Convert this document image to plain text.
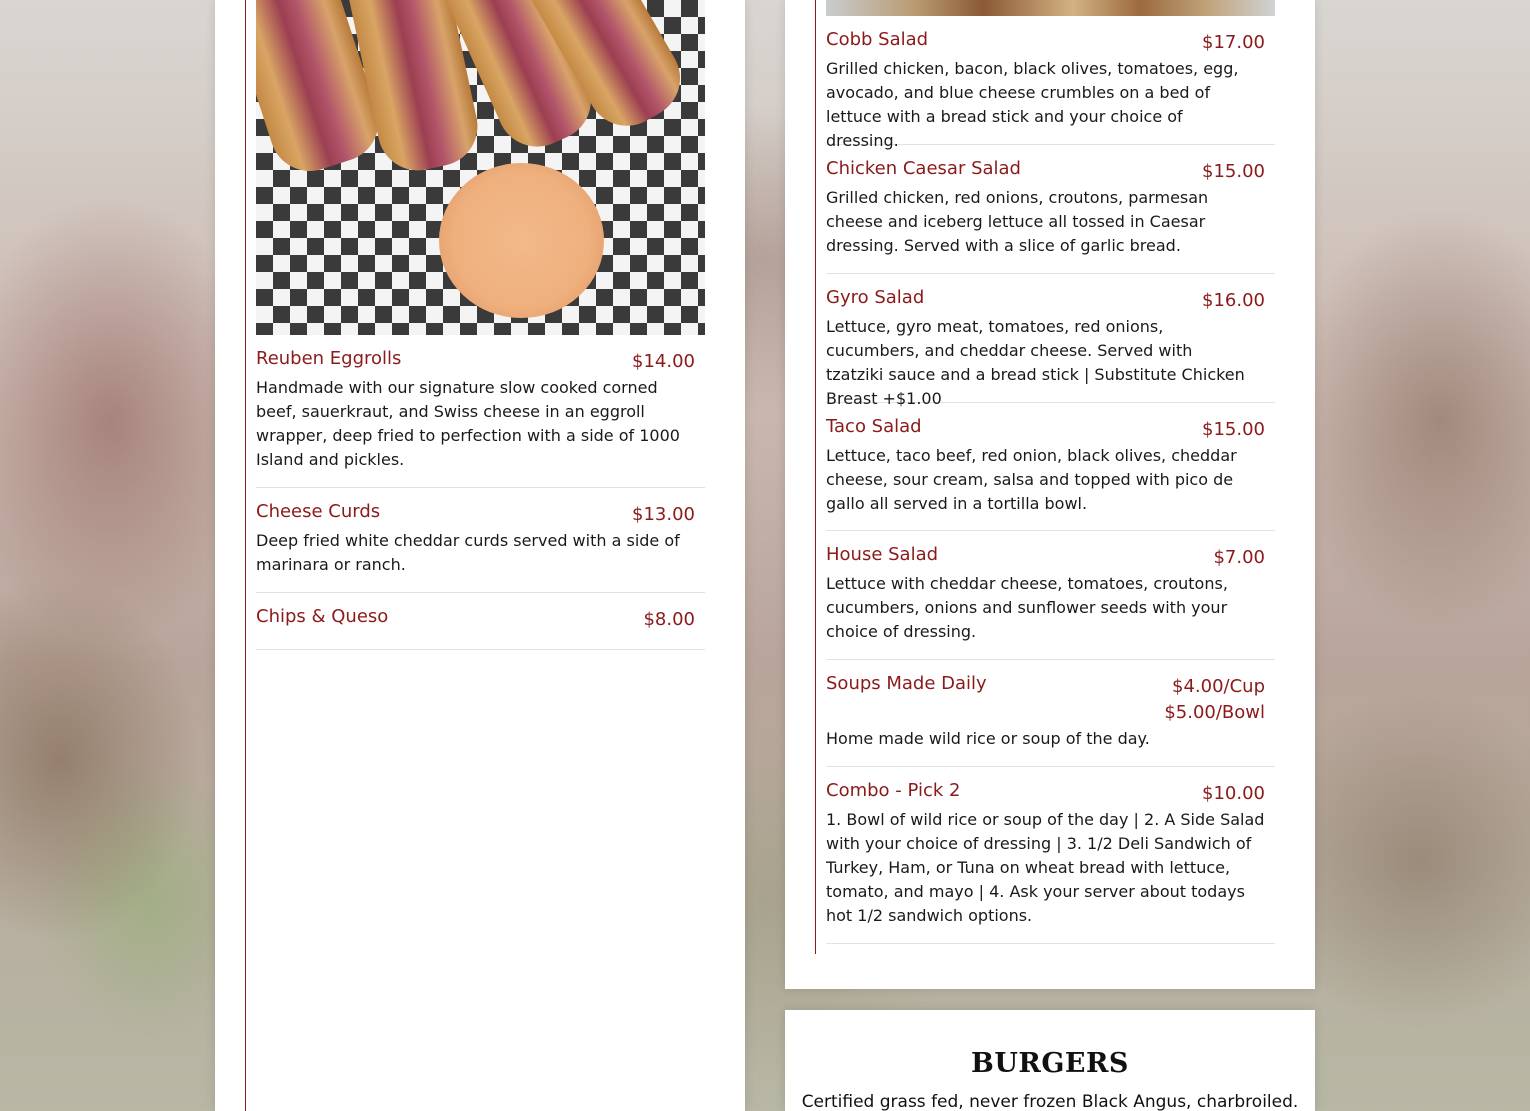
Reuben Eggrolls	$14.00
Handmade with our signature slow cooked corned beef, sauerkraut, and Swiss cheese in an eggroll wrapper, deep fried to perfection with a side of 1000 Island and pickles.
Cheese Curds	$13.00
Deep fried white cheddar curds served with a side of marinara or ranch.
Chips & Queso	$8.00
Cobb Salad	$17.00
Grilled chicken, bacon, black olives, tomatoes, egg, avocado, and blue cheese crumbles on a bed of lettuce with a bread stick and your choice of dressing.
Chicken Caesar Salad	$15.00
Grilled chicken, red onions, croutons, parmesan cheese and iceberg lettuce all tossed in Caesar dressing. Served with a slice of garlic bread.
Gyro Salad	$16.00
Lettuce, gyro meat, tomatoes, red onions, cucumbers, and cheddar cheese. Served with tzatziki sauce and a bread stick | Substitute Chicken Breast +$1.00
Taco Salad	$15.00
Lettuce, taco beef, red onion, black olives, cheddar cheese, sour cream, salsa and topped with pico de gallo all served in a tortilla bowl.
House Salad	$7.00
Lettuce with cheddar cheese, tomatoes, croutons, cucumbers, onions and sunflower seeds with your choice of dressing.
Soups Made Daily	$4.00/Cup
$5.00/Bowl
Home made wild rice or soup of the day.
Combo - Pick 2	$10.00
1. Bowl of wild rice or soup of the day | 2. A Side Salad with your choice of dressing | 3. 1/2 Deli Sandwich of Turkey, Ham, or Tuna on wheat bread with lettuce, tomato, and mayo | 4. Ask your server about todays hot 1/2 sandwich options.
BURGERS
Certified grass fed, never frozen Black Angus, charbroiled.
